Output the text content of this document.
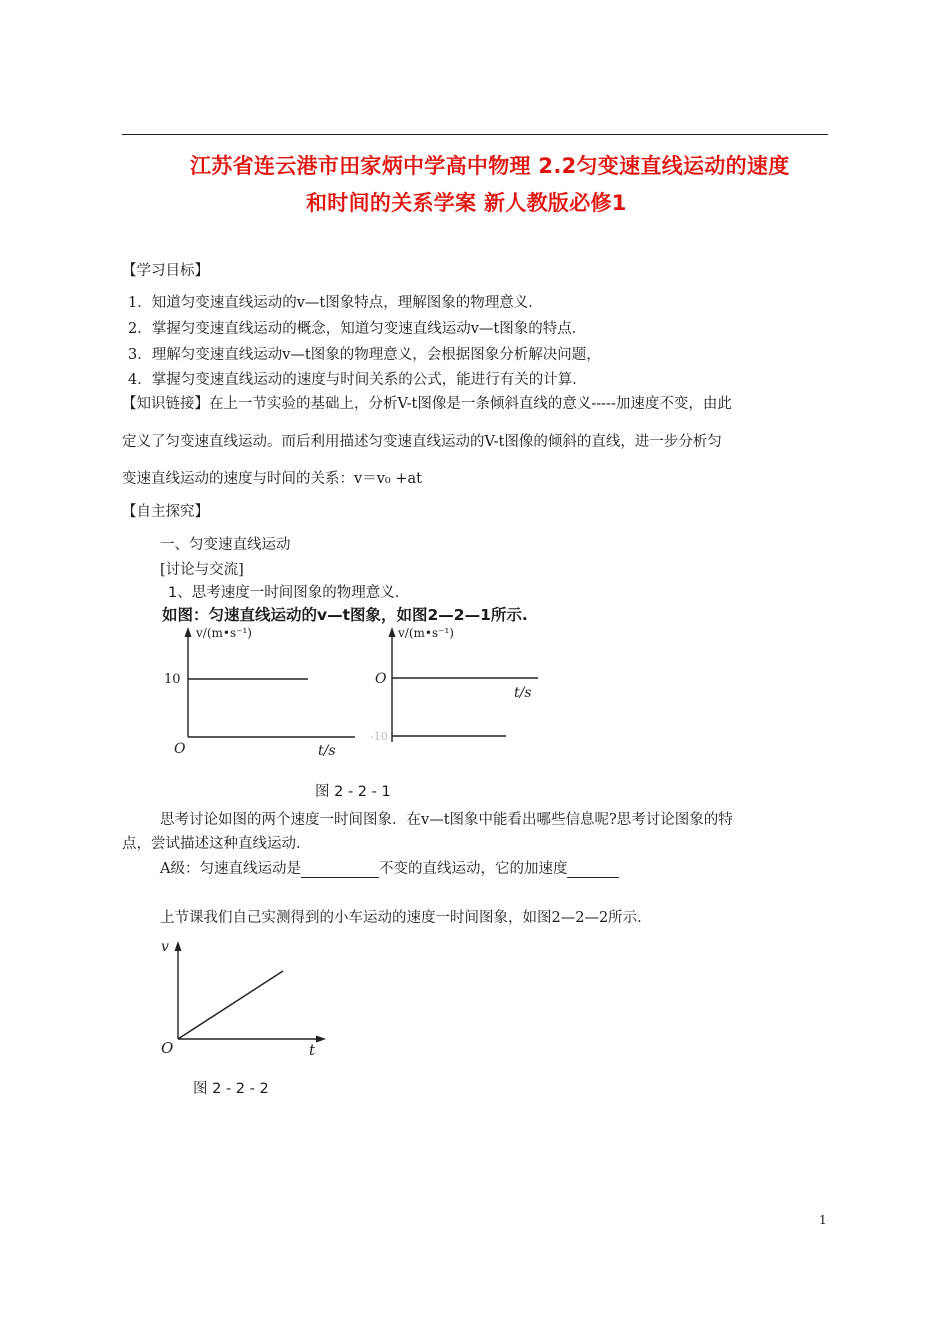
江苏省连云港市田家炳中学高中物理 2.2匀变速直线运动的速度
和时间的关系学案 新人教版必修1
【学习目标】
1．知道匀变速直线运动的v—t图象特点，理解图象的物理意义．
2．掌握匀变速直线运动的概念，知道匀变速直线运动v—t图象的特点．
3．理解匀变速直线运动v—t图象的物理意义，会根据图象分析解决问题，
4．掌握匀变速直线运动的速度与时间关系的公式，能进行有关的计算．
【知识链接】在上一节实验的基础上，分析V-t图像是一条倾斜直线的意义-----加速度不变，由此
定义了匀变速直线运动。而后利用描述匀变速直线运动的V-t图像的倾斜的直线，进一步分析匀
变速直线运动的速度与时间的关系：v＝v₀ +at
【自主探究】
一、匀变速直线运动
[讨论与交流]
1、思考速度一时间图象的物理意义.
如图：匀速直线运动的v—t图象，如图2—2—1所示.
v/(m•s⁻¹)
10
O	t/s
v/(m•s⁻¹)
O
-10
t/s
图 2 - 2 - 1
思考讨论如图的两个速度一时间图象．在v—t图象中能看出哪些信息呢?思考讨论图象的特
点，尝试描述这种直线运动．
A级：匀速直线运动是	不变的直线运动，它的加速度
上节课我们自己实测得到的小车运动的速度一时间图象，如图2—2—2所示．
v
O	t
图 2 - 2 - 2
1
